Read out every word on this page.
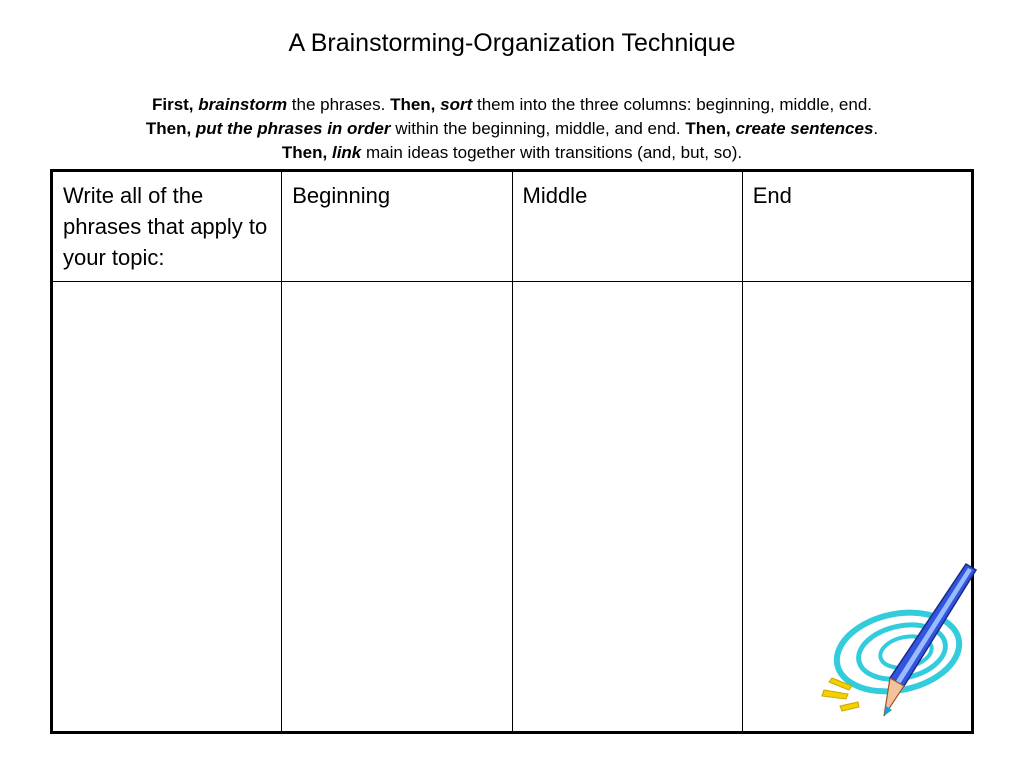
A Brainstorming-Organization Technique
First, brainstorm the phrases. Then, sort them into the three columns: beginning, middle, end.
Then, put the phrases in order within the beginning, middle, and end. Then, create sentences.
Then, link main ideas together with transitions (and, but, so).
Write all of the phrases that apply to your topic:	Beginning	Middle	End
